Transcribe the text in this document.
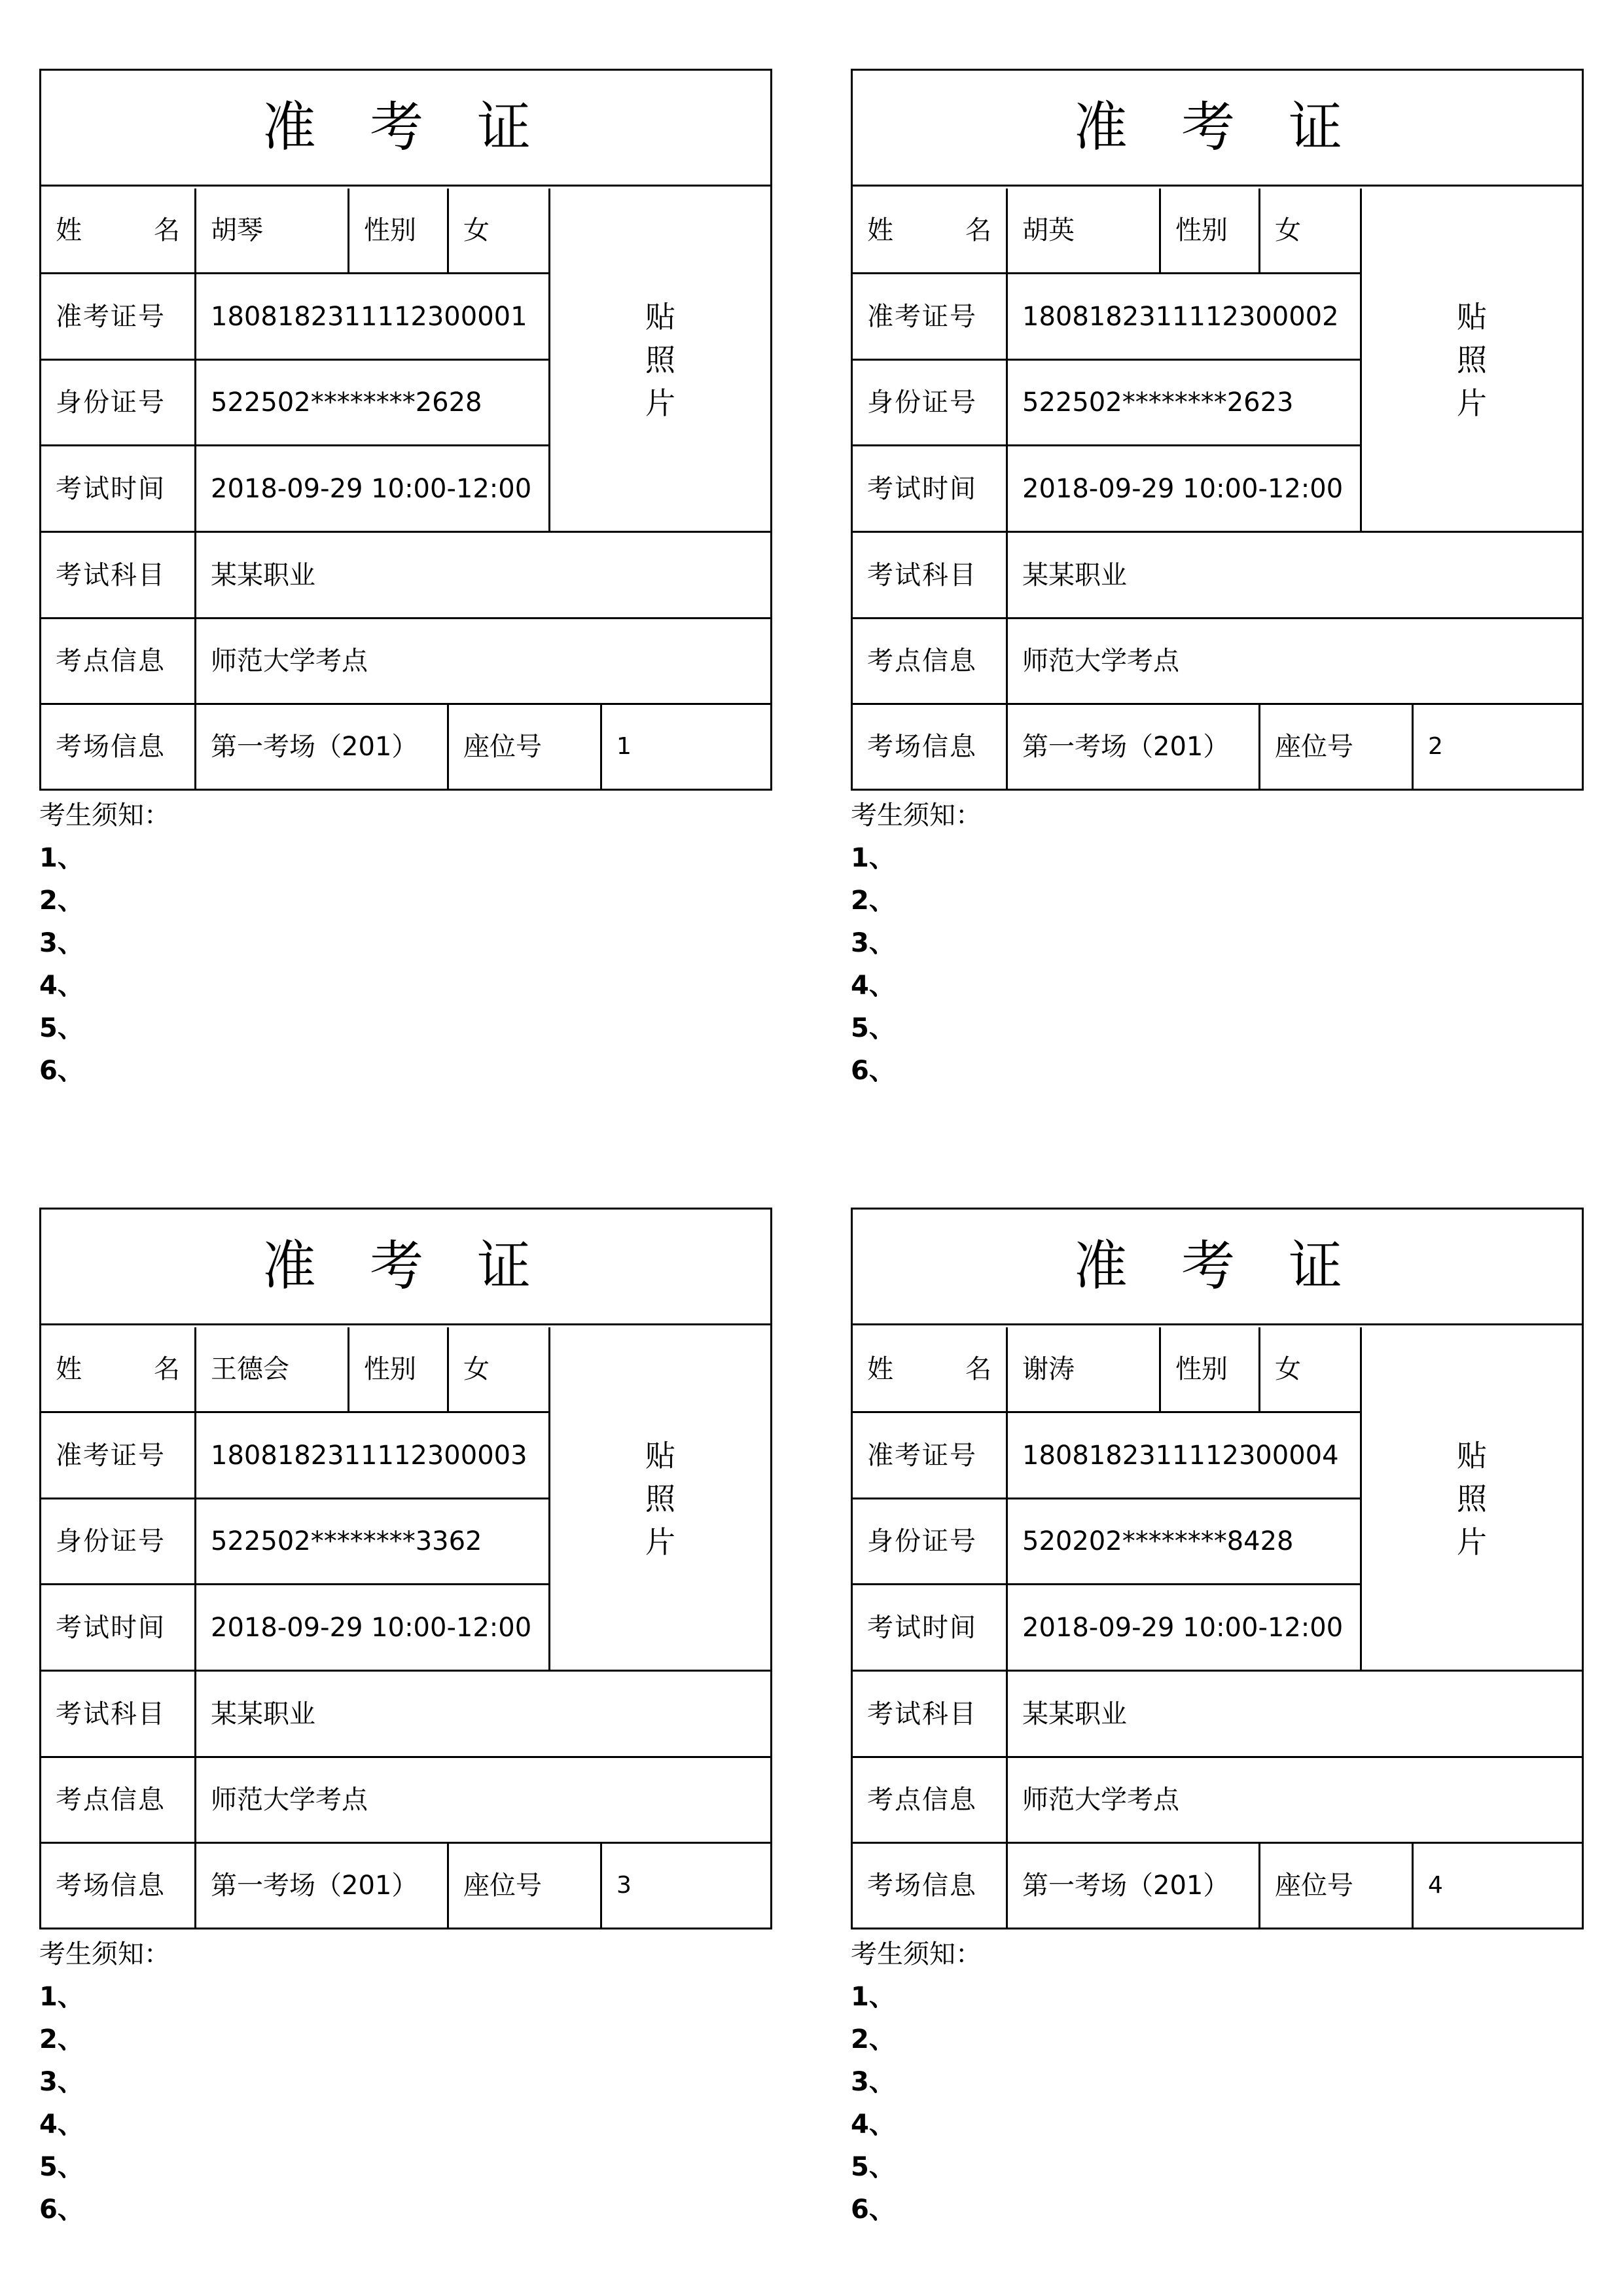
准 考 证
姓	名	胡琴	性别	女
贴
照
片
准考证号	1808182311112300001
身份证号	522502********2628
考试时间	2018-09-29 10:00-12:00
考试科目	某某职业
考点信息	师范大学考点
考场信息	第一考场（201）	座位号	1
考生须知：
1、
2、
3、
4、
5、
6、
准 考 证
姓	名	胡英	性别	女
贴
照
片
准考证号	1808182311112300002
身份证号	522502********2623
考试时间	2018-09-29 10:00-12:00
考试科目	某某职业
考点信息	师范大学考点
考场信息	第一考场（201）	座位号	2
考生须知：
1、
2、
3、
4、
5、
6、
准 考 证
姓	名	王德会	性别	女
贴
照
片
准考证号	1808182311112300003
身份证号	522502********3362
考试时间	2018-09-29 10:00-12:00
考试科目	某某职业
考点信息	师范大学考点
考场信息	第一考场（201）	座位号	3
考生须知：
1、
2、
3、
4、
5、
6、
准 考 证
姓	名	谢涛	性别	女
贴
照
片
准考证号	1808182311112300004
身份证号	520202********8428
考试时间	2018-09-29 10:00-12:00
考试科目	某某职业
考点信息	师范大学考点
考场信息	第一考场（201）	座位号	4
考生须知：
1、
2、
3、
4、
5、
6、
